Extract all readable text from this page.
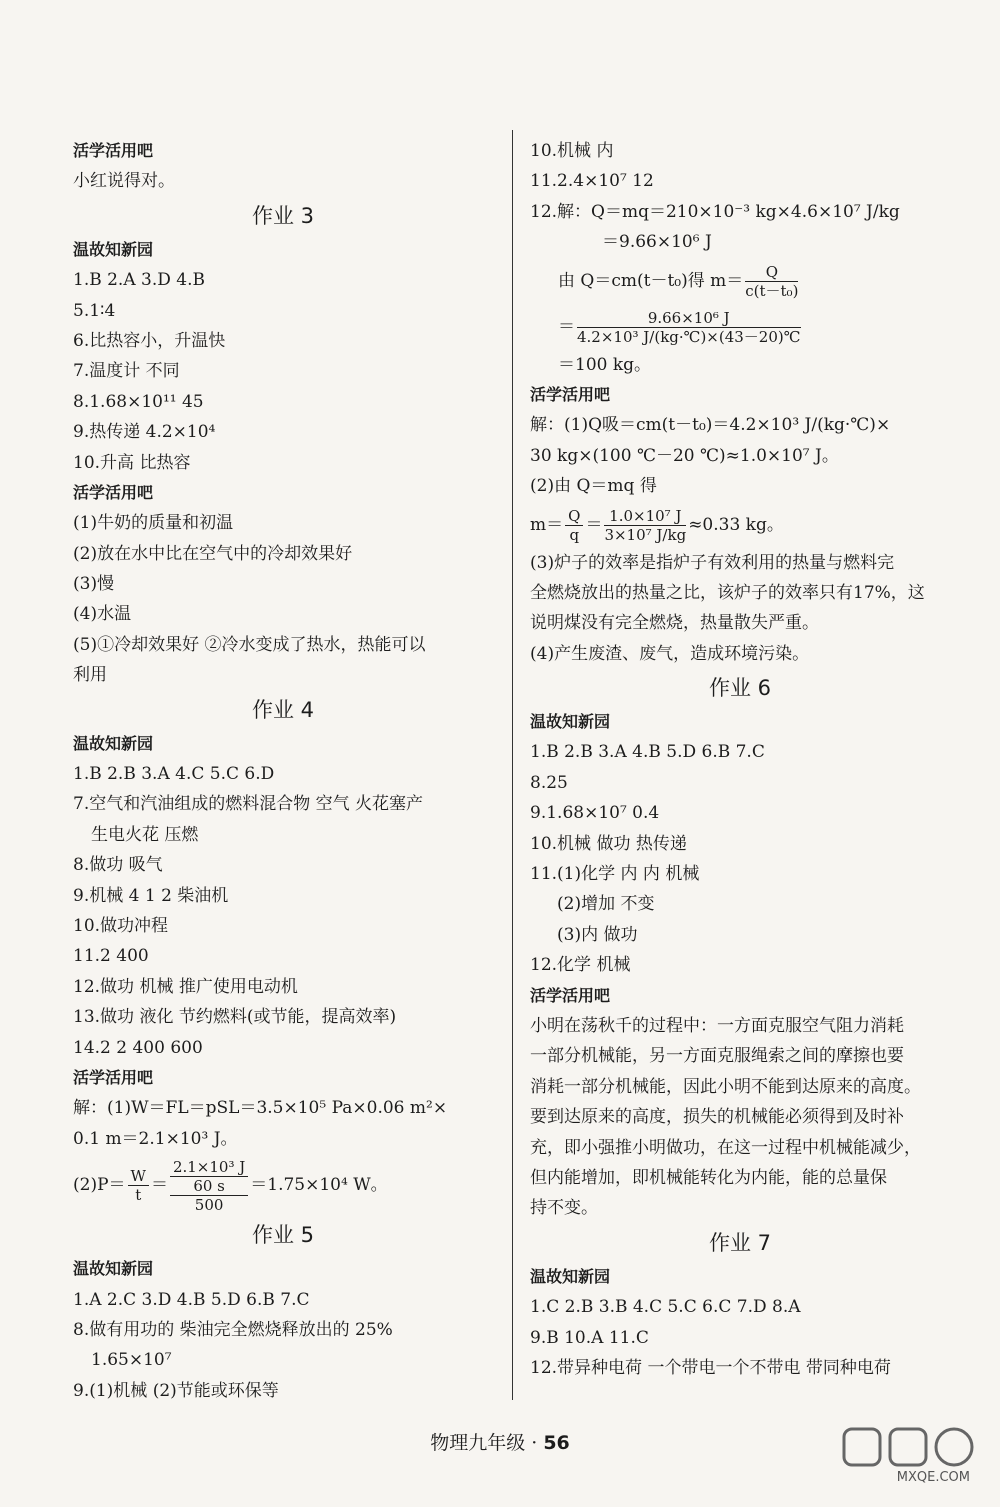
活学活用吧
小红说得对。
作业 3
温故知新园
1.B 2.A 3.D 4.B
5.1∶4
6.比热容小，升温快
7.温度计 不同
8.1.68×10¹¹ 45
9.热传递 4.2×10⁴
10.升高 比热容
活学活用吧
(1)牛奶的质量和初温
(2)放在水中比在空气中的冷却效果好
(3)慢
(4)水温
(5)①冷却效果好 ②冷水变成了热水，热能可以
利用
作业 4
温故知新园
1.B 2.B 3.A 4.C 5.C 6.D
7.空气和汽油组成的燃料混合物 空气 火花塞产
生电火花 压燃
8.做功 吸气
9.机械 4 1 2 柴油机
10.做功冲程
11.2 400
12.做功 机械 推广使用电动机
13.做功 液化 节约燃料(或节能，提高效率)
14.2 2 400 600
活学活用吧
解：(1)W＝FL＝pSL＝3.5×10⁵ Pa×0.06 m²×
0.1 m＝2.1×10³ J。
$(2)P= \frac{W}{t}$ ＝
2.1×10³ J
60 s
500
＝1.75×10⁴ W。
作业 5
温故知新园
1.A 2.C 3.D 4.B 5.D 6.B 7.C
8.做有用功的 柴油完全燃烧释放出的 25%
1.65×10⁷
9.(1)机械 (2)节能或环保等
10.机械 内
11.2.4×10⁷ 12
12.解：Q＝mq＝210×10⁻³ kg×4.6×10⁷ J/kg
＝9.66×10⁶ J
由 Q＝cm(t－t₀)得 $m= \frac{Q}{\text{c(t－t₀)}}$
＝ $\frac{\text{9.66×10⁶ J}}{\text{4.2×10³ J/(kg·℃)×(43－20)℃}}$
＝100 kg。
活学活用吧
解：(1)Q吸＝cm(t－t₀)＝4.2×10³ J/(kg·℃)×
30 kg×(100 ℃－20 ℃)≈1.0×10⁷ J。
(2)由 Q＝mq 得
$m= \frac{Q}{q} = \frac{\text{1.0×10⁷ J}}{\text{3×10⁷ J/kg}} \approx 0.33$ kg。
(3)炉子的效率是指炉子有效利用的热量与燃料完
全燃烧放出的热量之比，该炉子的效率只有17%，这
说明煤没有完全燃烧，热量散失严重。
(4)产生废渣、废气，造成环境污染。
作业 6
温故知新园
1.B 2.B 3.A 4.B 5.D 6.B 7.C
8.25
9.1.68×10⁷ 0.4
10.机械 做功 热传递
11.(1)化学 内 内 机械
(2)增加 不变
(3)内 做功
12.化学 机械
活学活用吧
小明在荡秋千的过程中：一方面克服空气阻力消耗
一部分机械能，另一方面克服绳索之间的摩擦也要
消耗一部分机械能，因此小明不能到达原来的高度。
要到达原来的高度，损失的机械能必须得到及时补
充，即小强推小明做功，在这一过程中机械能减少，
但内能增加，即机械能转化为内能，能的总量保
持不变。
作业 7
温故知新园
1.C 2.B 3.B 4.C 5.C 6.C 7.D 8.A
9.B 10.A 11.C
12.带异种电荷 一个带电一个不带电 带同种电荷
物理九年级 · 56
MXQE.COM
